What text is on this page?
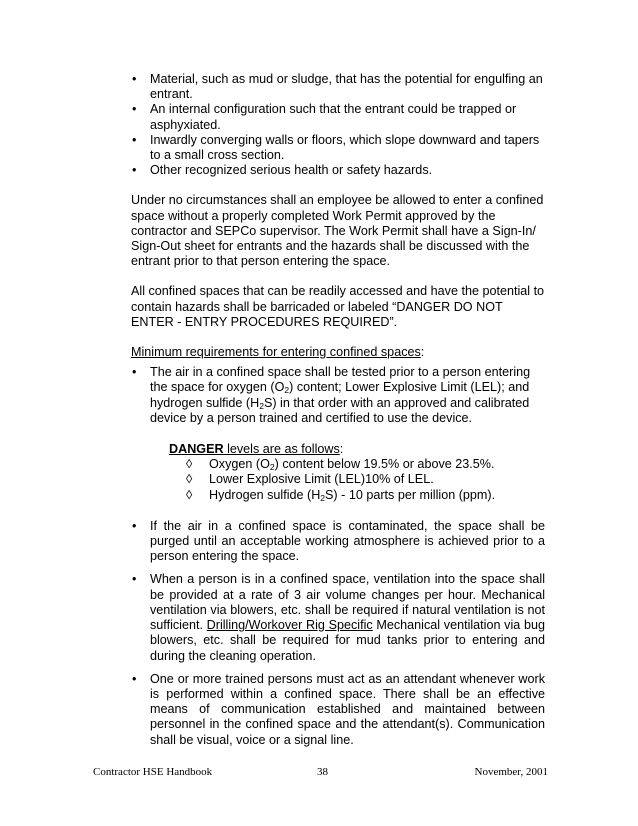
• Material, such as mud or sludge, that has the potential for engulfing an entrant.
• An internal configuration such that the entrant could be trapped or asphyxiated.
• Inwardly converging walls or floors, which slope downward and tapers to a small cross section.
• Other recognized serious health or safety hazards.

Under no circumstances shall an employee be allowed to enter a confined space without a properly completed Work Permit approved by the contractor and SEPCo supervisor. The Work Permit shall have a Sign-In/ Sign-Out sheet for entrants and the hazards shall be discussed with the entrant prior to that person entering the space.

All confined spaces that can be readily accessed and have the potential to contain hazards shall be barricaded or labeled “DANGER DO NOT ENTER - ENTRY PROCEDURES REQUIRED”.

Minimum requirements for entering confined spaces:

• The air in a confined space shall be tested prior to a person entering the space for oxygen $(O_2)$ content; Lower Explosive Limit (LEL); and hydrogen sulfide $(H_2S)$ in that order with an approved and calibrated device by a person trained and certified to use the device.
DANGER levels are as follows:
◊ Oxygen $(O_2)$ content below 19.5% or above 23.5%.
◊ Lower Explosive Limit (LEL)10% of LEL.
◊ Hydrogen sulfide $(H_2S) - 10$ parts per million (ppm).
• If the air in a confined space is contaminated, the space shall be purged until an acceptable working atmosphere is achieved prior to a person entering the space.
• When a person is in a confined space, ventilation into the space shall be provided at a rate of 3 air volume changes per hour. Mechanical ventilation via blowers, etc. shall be required if natural ventilation is not sufficient. Drilling/Workover Rig Specific Mechanical ventilation via bug blowers, etc. shall be required for mud tanks prior to entering and during the cleaning operation.
• One or more trained persons must act as an attendant whenever work is performed within a confined space. There shall be an effective means of communication established and maintained between personnel in the confined space and the attendant(s). Communication shall be visual, voice or a signal line.
Contractor HSE Handbook	38	November, 2001
